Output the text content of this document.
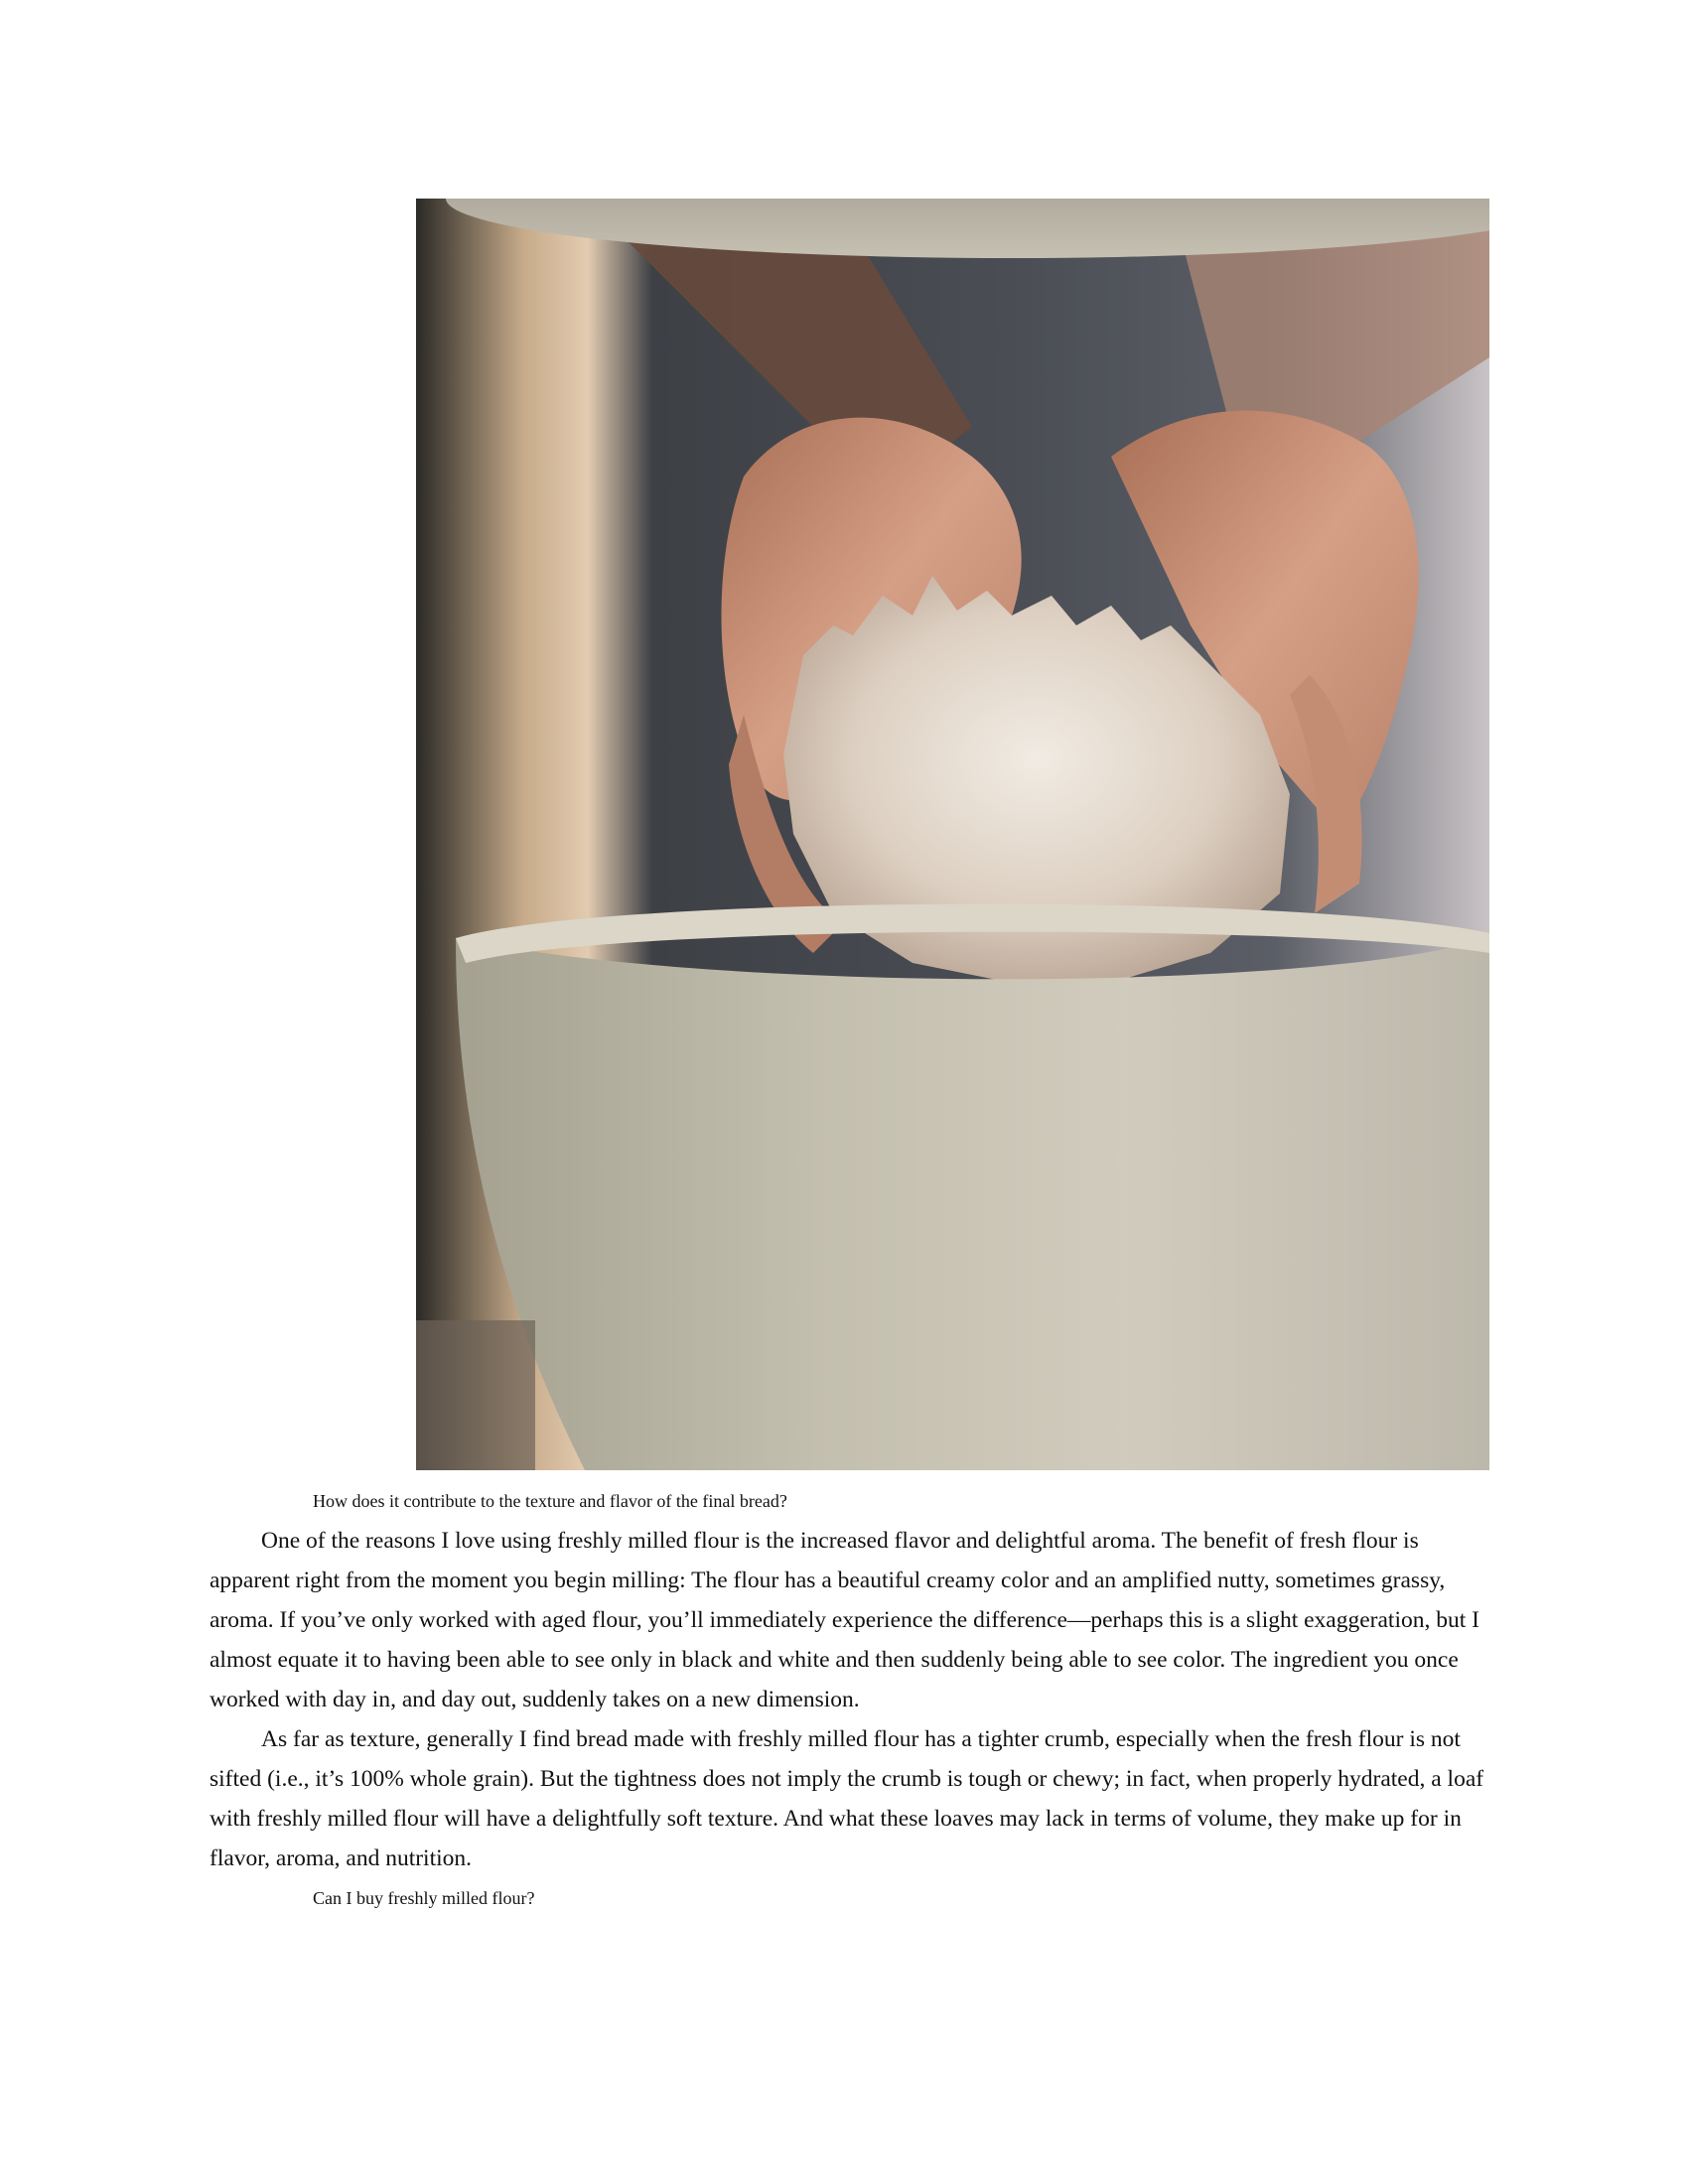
How does it contribute to the texture and flavor of the final bread?

One of the reasons I love using freshly milled flour is the increased flavor and delightful aroma. The benefit of fresh flour is apparent right from the moment you begin milling: The flour has a beautiful creamy color and an amplified nutty, sometimes grassy, aroma. If you’ve only worked with aged flour, you’ll immediately experience the difference—perhaps this is a slight exaggeration, but I almost equate it to having been able to see only in black and white and then suddenly being able to see color. The ingredient you once worked with day in, and day out, suddenly takes on a new dimension.

As far as texture, generally I find bread made with freshly milled flour has a tighter crumb, especially when the fresh flour is not sifted (i.e., it’s 100% whole grain). But the tightness does not imply the crumb is tough or chewy; in fact, when properly hydrated, a loaf with freshly milled flour will have a delightfully soft texture. And what these loaves may lack in terms of volume, they make up for in flavor, aroma, and nutrition.

Can I buy freshly milled flour?
